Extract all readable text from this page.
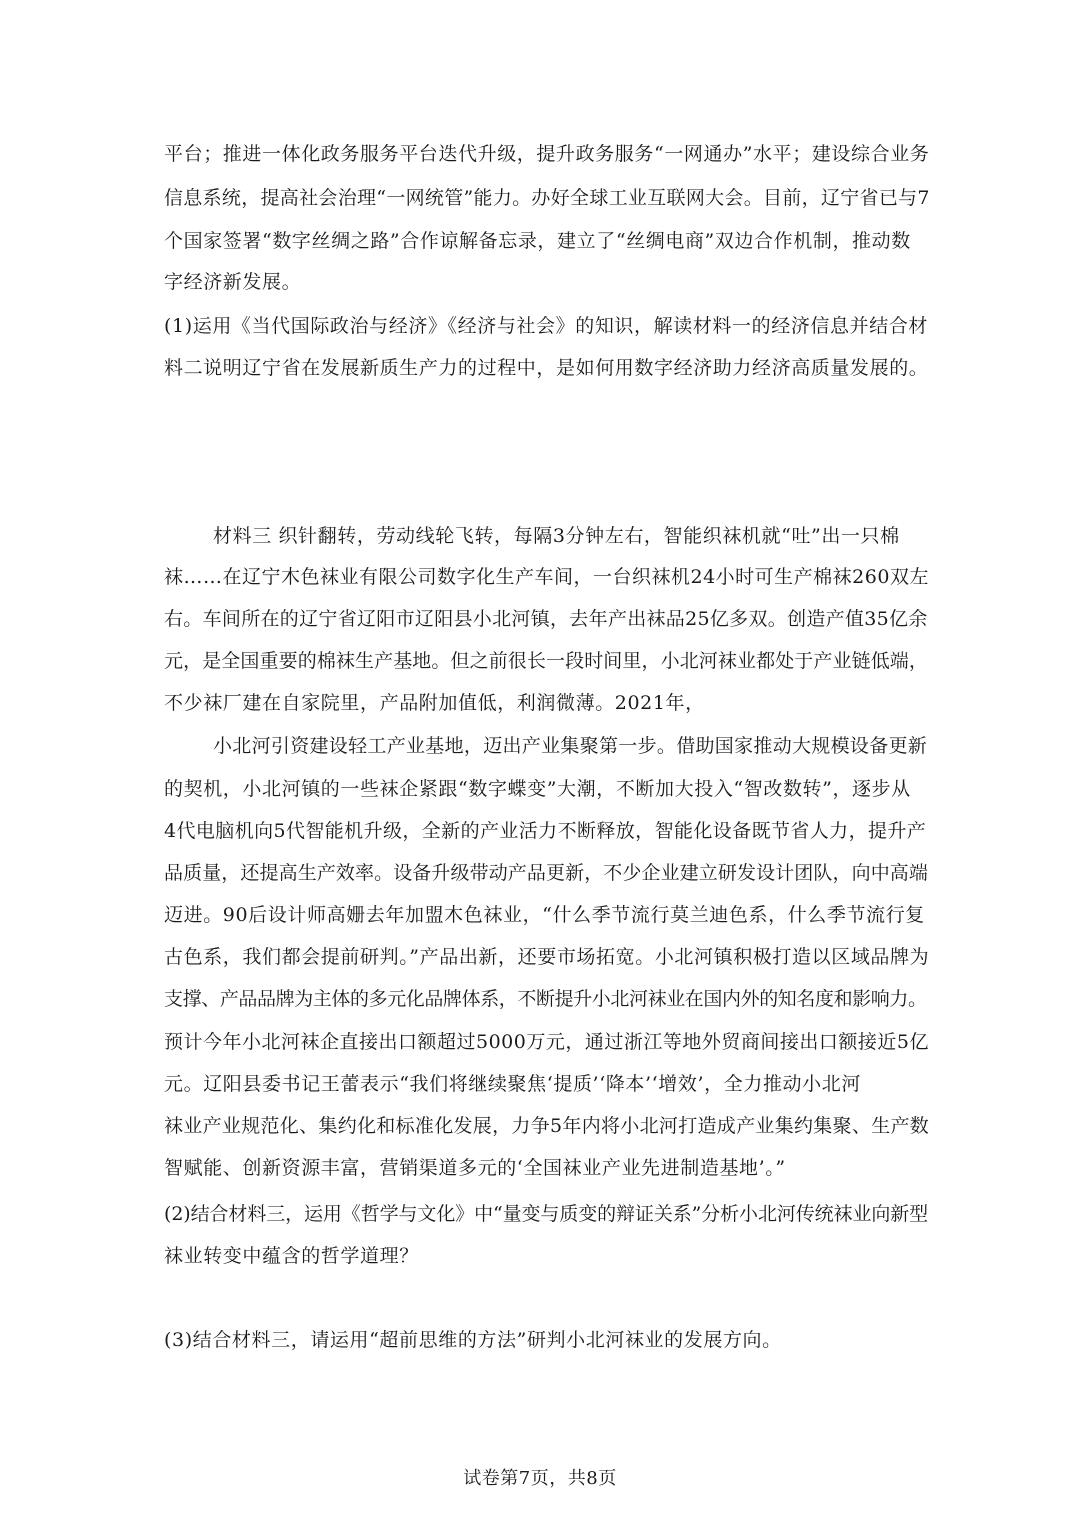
平台；推进一体化政务服务平台迭代升级，提升政务服务“一网通办”水平；建设综合业务
信息系统，提高社会治理“一网统管”能力。办好全球工业互联网大会。目前，辽宁省已与7
个国家签署“数字丝绸之路”合作谅解备忘录，建立了“丝绸电商”双边合作机制，推动数
字经济新发展。
(1)运用《当代国际政治与经济》《经济与社会》的知识，解读材料一的经济信息并结合材
料二说明辽宁省在发展新质生产力的过程中，是如何用数字经济助力经济高质量发展的。
材料三 织针翻转，劳动线轮飞转，每隔3分钟左右，智能织袜机就“吐”出一只棉
袜……在辽宁木色袜业有限公司数字化生产车间，一台织袜机24小时可生产棉袜260双左
右。车间所在的辽宁省辽阳市辽阳县小北河镇，去年产出袜品25亿多双。创造产值35亿余
元，是全国重要的棉袜生产基地。但之前很长一段时间里，小北河袜业都处于产业链低端，
不少袜厂建在自家院里，产品附加值低，利润微薄。2021年，
小北河引资建设轻工产业基地，迈出产业集聚第一步。借助国家推动大规模设备更新
的契机，小北河镇的一些袜企紧跟“数字蝶变”大潮，不断加大投入“智改数转”，逐步从
4代电脑机向5代智能机升级，全新的产业活力不断释放，智能化设备既节省人力，提升产
品质量，还提高生产效率。设备升级带动产品更新，不少企业建立研发设计团队，向中高端
迈进。90后设计师高姗去年加盟木色袜业，“什么季节流行莫兰迪色系，什么季节流行复
古色系，我们都会提前研判。”产品出新，还要市场拓宽。小北河镇积极打造以区域品牌为
支撑、产品品牌为主体的多元化品牌体系，不断提升小北河袜业在国内外的知名度和影响力。
预计今年小北河袜企直接出口额超过5000万元，通过浙江等地外贸商间接出口额接近5亿
元。辽阳县委书记王蕾表示“我们将继续聚焦‘提质’‘降本’‘增效’，全力推动小北河
袜业产业规范化、集约化和标准化发展，力争5年内将小北河打造成产业集约集聚、生产数
智赋能、创新资源丰富，营销渠道多元的‘全国袜业产业先进制造基地’。”
(2)结合材料三，运用《哲学与文化》中“量变与质变的辩证关系”分析小北河传统袜业向新型
袜业转变中蕴含的哲学道理？
(3)结合材料三，请运用“超前思维的方法”研判小北河袜业的发展方向。
试卷第7页，共8页
